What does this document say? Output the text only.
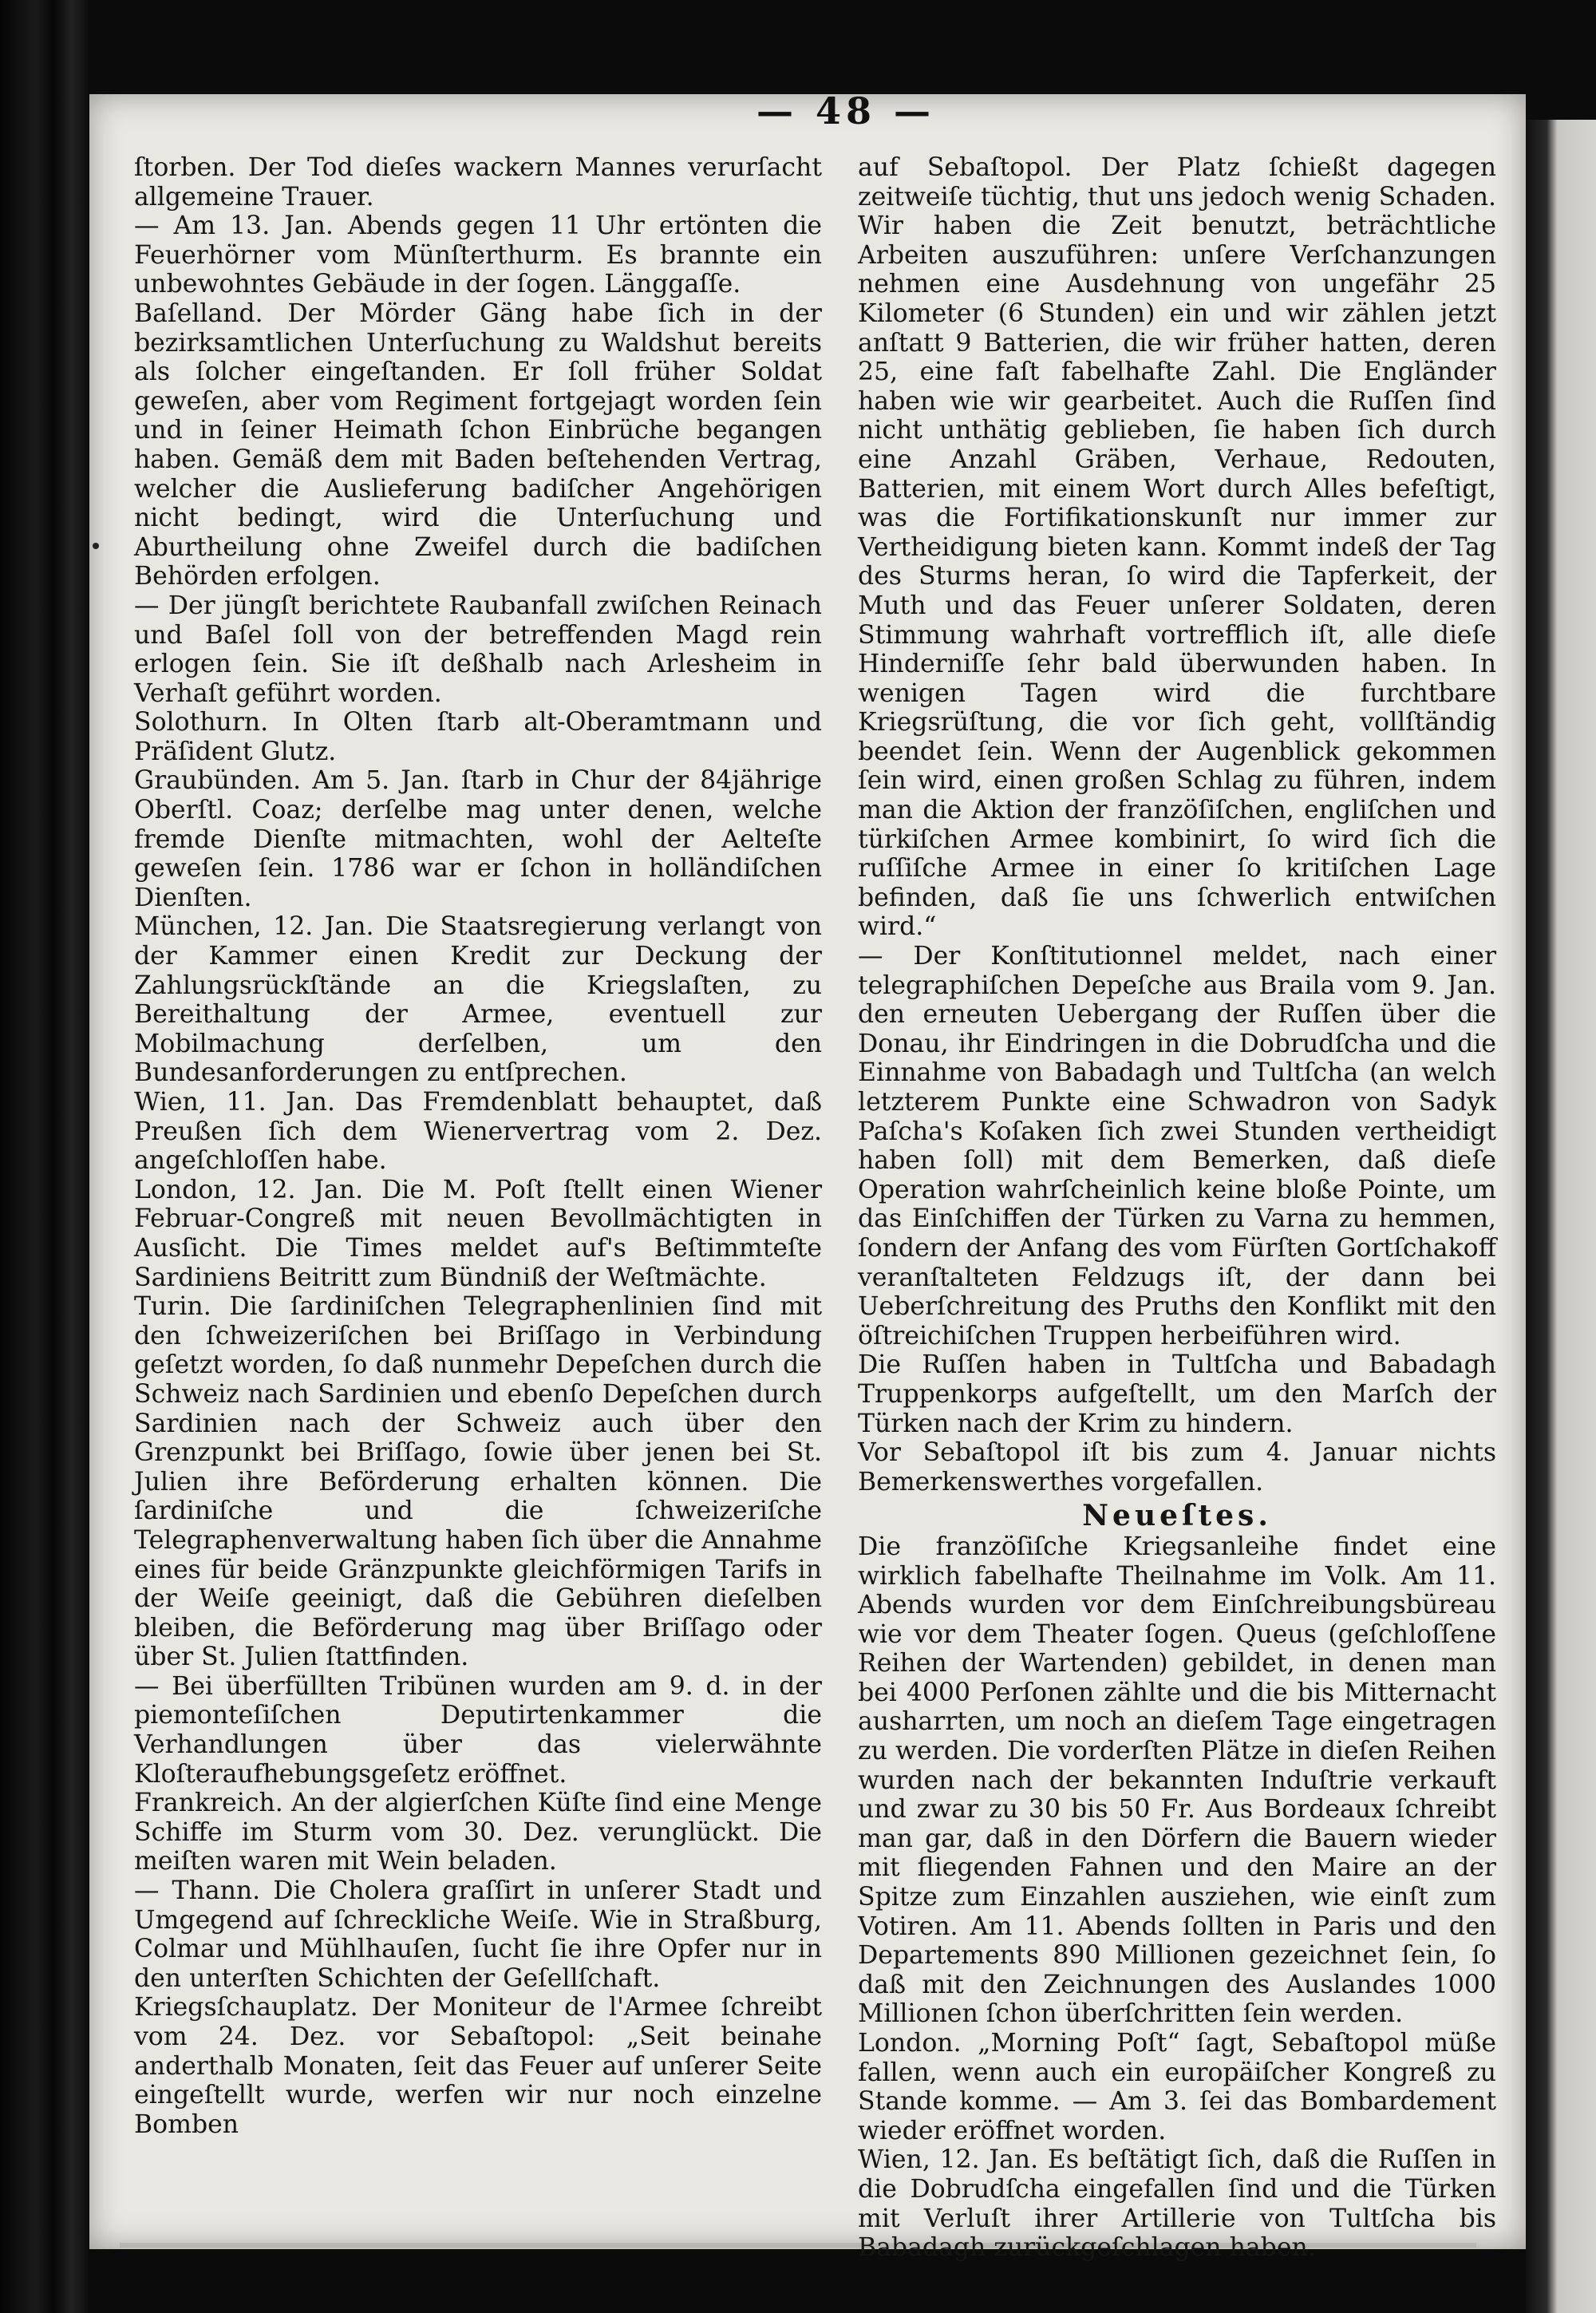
— 48 —

ſtorben. Der Tod dieſes wackern Mannes verurſacht allgemeine Trauer.

— Am 13. Jan. Abends gegen 11 Uhr ertönten die Feuerhörner vom Münſterthurm. Es brannte ein unbewohntes Gebäude in der ſogen. Länggaſſe.

Baſelland. Der Mörder Gäng habe ſich in der bezirksamtlichen Unterſuchung zu Waldshut bereits als ſolcher eingeſtanden. Er ſoll früher Soldat geweſen, aber vom Regiment fortgejagt worden ſein und in ſeiner Heimath ſchon Einbrüche begangen haben. Gemäß dem mit Baden beſtehenden Vertrag, welcher die Auslieferung badiſcher Angehörigen nicht bedingt, wird die Unterſuchung und Aburtheilung ohne Zweifel durch die badiſchen Behörden erfolgen.

— Der jüngſt berichtete Raubanfall zwiſchen Reinach und Baſel ſoll von der betreffenden Magd rein erlogen ſein. Sie iſt deßhalb nach Arlesheim in Verhaſt geführt worden.

Solothurn. In Olten ſtarb alt-Oberamtmann und Präſident Glutz.

Graubünden. Am 5. Jan. ſtarb in Chur der 84jährige Oberſtl. Coaz; derſelbe mag unter denen, welche fremde Dienſte mitmachten, wohl der Aelteſte geweſen ſein. 1786 war er ſchon in holländiſchen Dienſten.

München, 12. Jan. Die Staatsregierung verlangt von der Kammer einen Kredit zur Deckung der Zahlungsrückſtände an die Kriegslaſten, zu Bereithaltung der Armee, eventuell zur Mobilmachung derſelben, um den Bundesanforderungen zu entſprechen.

Wien, 11. Jan. Das Fremdenblatt behauptet, daß Preußen ſich dem Wienervertrag vom 2. Dez. angeſchloſſen habe.

London, 12. Jan. Die M. Poſt ſtellt einen Wiener Februar-Congreß mit neuen Bevollmächtigten in Ausſicht. Die Times meldet auf's Beſtimmteſte Sardiniens Beitritt zum Bündniß der Weſtmächte.

Turin. Die ſardiniſchen Telegraphenlinien ſind mit den ſchweizeriſchen bei Briſſago in Verbindung geſetzt worden, ſo daß nunmehr Depeſchen durch die Schweiz nach Sardinien und ebenſo Depeſchen durch Sardinien nach der Schweiz auch über den Grenzpunkt bei Briſſago, ſowie über jenen bei St. Julien ihre Beförderung erhalten können. Die ſardiniſche und die ſchweizeriſche Telegraphenverwaltung haben ſich über die Annahme eines für beide Gränzpunkte gleichförmigen Tarifs in der Weiſe geeinigt, daß die Gebühren dieſelben bleiben, die Beförderung mag über Briſſago oder über St. Julien ſtattfinden.

— Bei überfüllten Tribünen wurden am 9. d. in der piemonteſiſchen Deputirtenkammer die Verhandlungen über das vielerwähnte Kloſteraufhebungsgeſetz eröffnet.

Frankreich. An der algierſchen Küſte ſind eine Menge Schiffe im Sturm vom 30. Dez. verunglückt. Die meiſten waren mit Wein beladen.

— Thann. Die Cholera graſſirt in unſerer Stadt und Umgegend auf ſchreckliche Weiſe. Wie in Straßburg, Colmar und Mühlhauſen, ſucht ſie ihre Opfer nur in den unterſten Schichten der Geſellſchaft.

Kriegsſchauplatz. Der Moniteur de l'Armee ſchreibt vom 24. Dez. vor Sebaſtopol: „Seit beinahe anderthalb Monaten, ſeit das Feuer auf unſerer Seite eingeſtellt wurde, werfen wir nur noch einzelne Bomben

auf Sebaſtopol. Der Platz ſchießt dagegen zeitweiſe tüchtig, thut uns jedoch wenig Schaden. Wir haben die Zeit benutzt, beträchtliche Arbeiten auszuführen: unſere Verſchanzungen nehmen eine Ausdehnung von ungefähr 25 Kilometer (6 Stunden) ein und wir zählen jetzt anſtatt 9 Batterien, die wir früher hatten, deren 25, eine faſt fabelhafte Zahl. Die Engländer haben wie wir gearbeitet. Auch die Ruſſen ſind nicht unthätig geblieben, ſie haben ſich durch eine Anzahl Gräben, Verhaue, Redouten, Batterien, mit einem Wort durch Alles befeſtigt, was die Fortifikationskunſt nur immer zur Vertheidigung bieten kann. Kommt indeß der Tag des Sturms heran, ſo wird die Tapferkeit, der Muth und das Feuer unſerer Soldaten, deren Stimmung wahrhaft vortrefflich iſt, alle dieſe Hinderniſſe ſehr bald überwunden haben. In wenigen Tagen wird die furchtbare Kriegsrüſtung, die vor ſich geht, vollſtändig beendet ſein. Wenn der Augenblick gekommen ſein wird, einen großen Schlag zu führen, indem man die Aktion der franzöſiſchen, engliſchen und türkiſchen Armee kombinirt, ſo wird ſich die ruſſiſche Armee in einer ſo kritiſchen Lage befinden, daß ſie uns ſchwerlich entwiſchen wird.“

— Der Konſtitutionnel meldet, nach einer telegraphiſchen Depeſche aus Braila vom 9. Jan. den erneuten Uebergang der Ruſſen über die Donau, ihr Eindringen in die Dobrudſcha und die Einnahme von Babadagh und Tultſcha (an welch letzterem Punkte eine Schwadron von Sadyk Paſcha's Koſaken ſich zwei Stunden vertheidigt haben ſoll) mit dem Bemerken, daß dieſe Operation wahrſcheinlich keine bloße Pointe, um das Einſchiffen der Türken zu Varna zu hemmen, ſondern der Anfang des vom Fürſten Gortſchakoff veranſtalteten Feldzugs iſt, der dann bei Ueberſchreitung des Pruths den Konflikt mit den öſtreichiſchen Truppen herbeiführen wird.

Die Ruſſen haben in Tultſcha und Babadagh Truppenkorps aufgeſtellt, um den Marſch der Türken nach der Krim zu hindern.

Vor Sebaſtopol iſt bis zum 4. Januar nichts Bemerkenswerthes vorgefallen.

Neueſtes.

Die franzöſiſche Kriegsanleihe findet eine wirklich fabelhafte Theilnahme im Volk. Am 11. Abends wurden vor dem Einſchreibungsbüreau wie vor dem Theater ſogen. Queus (geſchloſſene Reihen der Wartenden) gebildet, in denen man bei 4000 Perſonen zählte und die bis Mitternacht ausharrten, um noch an dieſem Tage eingetragen zu werden. Die vorderſten Plätze in dieſen Reihen wurden nach der bekannten Induſtrie verkauft und zwar zu 30 bis 50 Fr. Aus Bordeaux ſchreibt man gar, daß in den Dörfern die Bauern wieder mit fliegenden Fahnen und den Maire an der Spitze zum Einzahlen ausziehen, wie einſt zum Votiren. Am 11. Abends ſollten in Paris und den Departements 890 Millionen gezeichnet ſein, ſo daß mit den Zeichnungen des Auslandes 1000 Millionen ſchon überſchritten ſein werden.

London. „Morning Poſt“ ſagt, Sebaſtopol müße fallen, wenn auch ein europäiſcher Kongreß zu Stande komme. — Am 3. ſei das Bombardement wieder eröffnet worden.

Wien, 12. Jan. Es beſtätigt ſich, daß die Ruſſen in die Dobrudſcha eingefallen ſind und die Türken mit Verluſt ihrer Artillerie von Tultſcha bis Babadagh zurückgeſchlagen haben.
